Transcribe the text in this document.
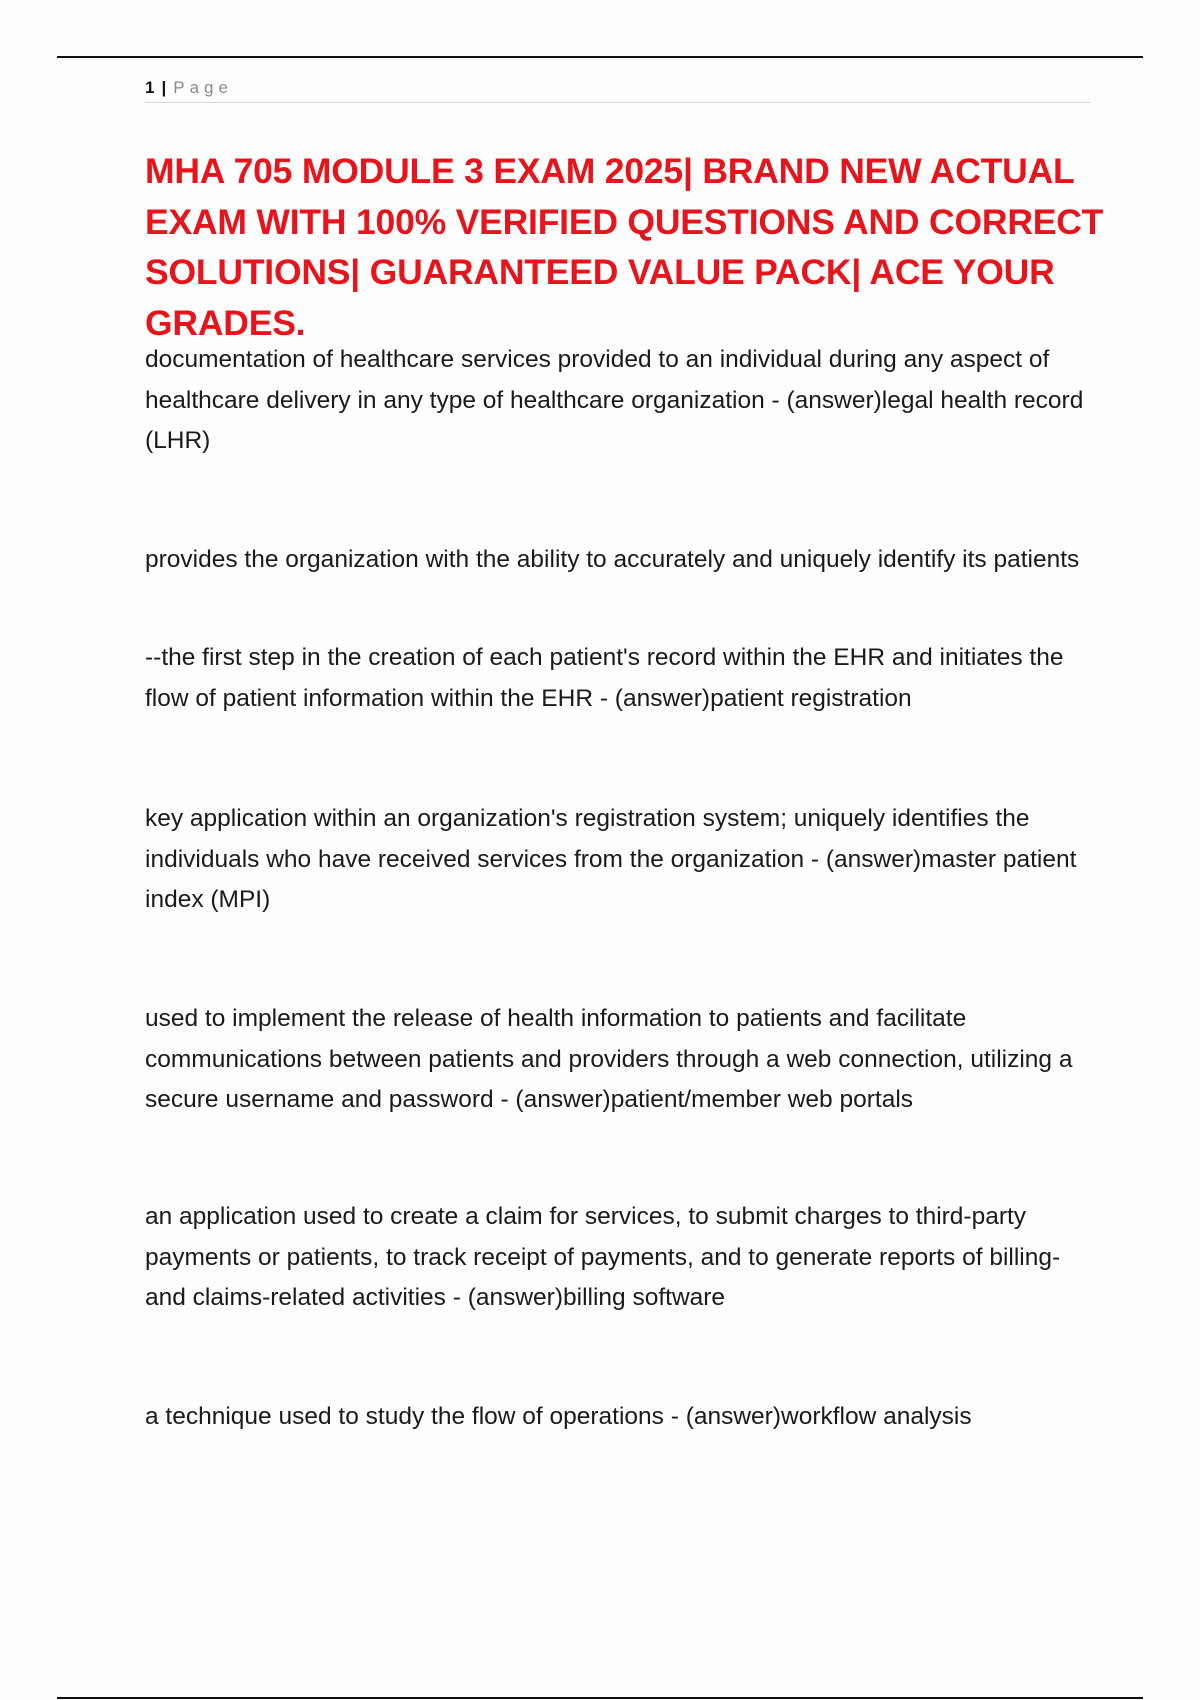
1 | Page
MHA 705 MODULE 3 EXAM 2025| BRAND NEW ACTUAL EXAM WITH 100% VERIFIED QUESTIONS AND CORRECT SOLUTIONS| GUARANTEED VALUE PACK| ACE YOUR GRADES.

documentation of healthcare services provided to an individual during any aspect of healthcare delivery in any type of healthcare organization - (answer)legal health record (LHR)

provides the organization with the ability to accurately and uniquely identify its patients

--the first step in the creation of each patient's record within the EHR and initiates the flow of patient information within the EHR - (answer)patient registration

key application within an organization's registration system; uniquely identifies the individuals who have received services from the organization - (answer)master patient index (MPI)

used to implement the release of health information to patients and facilitate communications between patients and providers through a web connection, utilizing a secure username and password - (answer)patient/member web portals

an application used to create a claim for services, to submit charges to third-party payments or patients, to track receipt of payments, and to generate reports of billing- and claims-related activities - (answer)billing software

a technique used to study the flow of operations - (answer)workflow analysis
